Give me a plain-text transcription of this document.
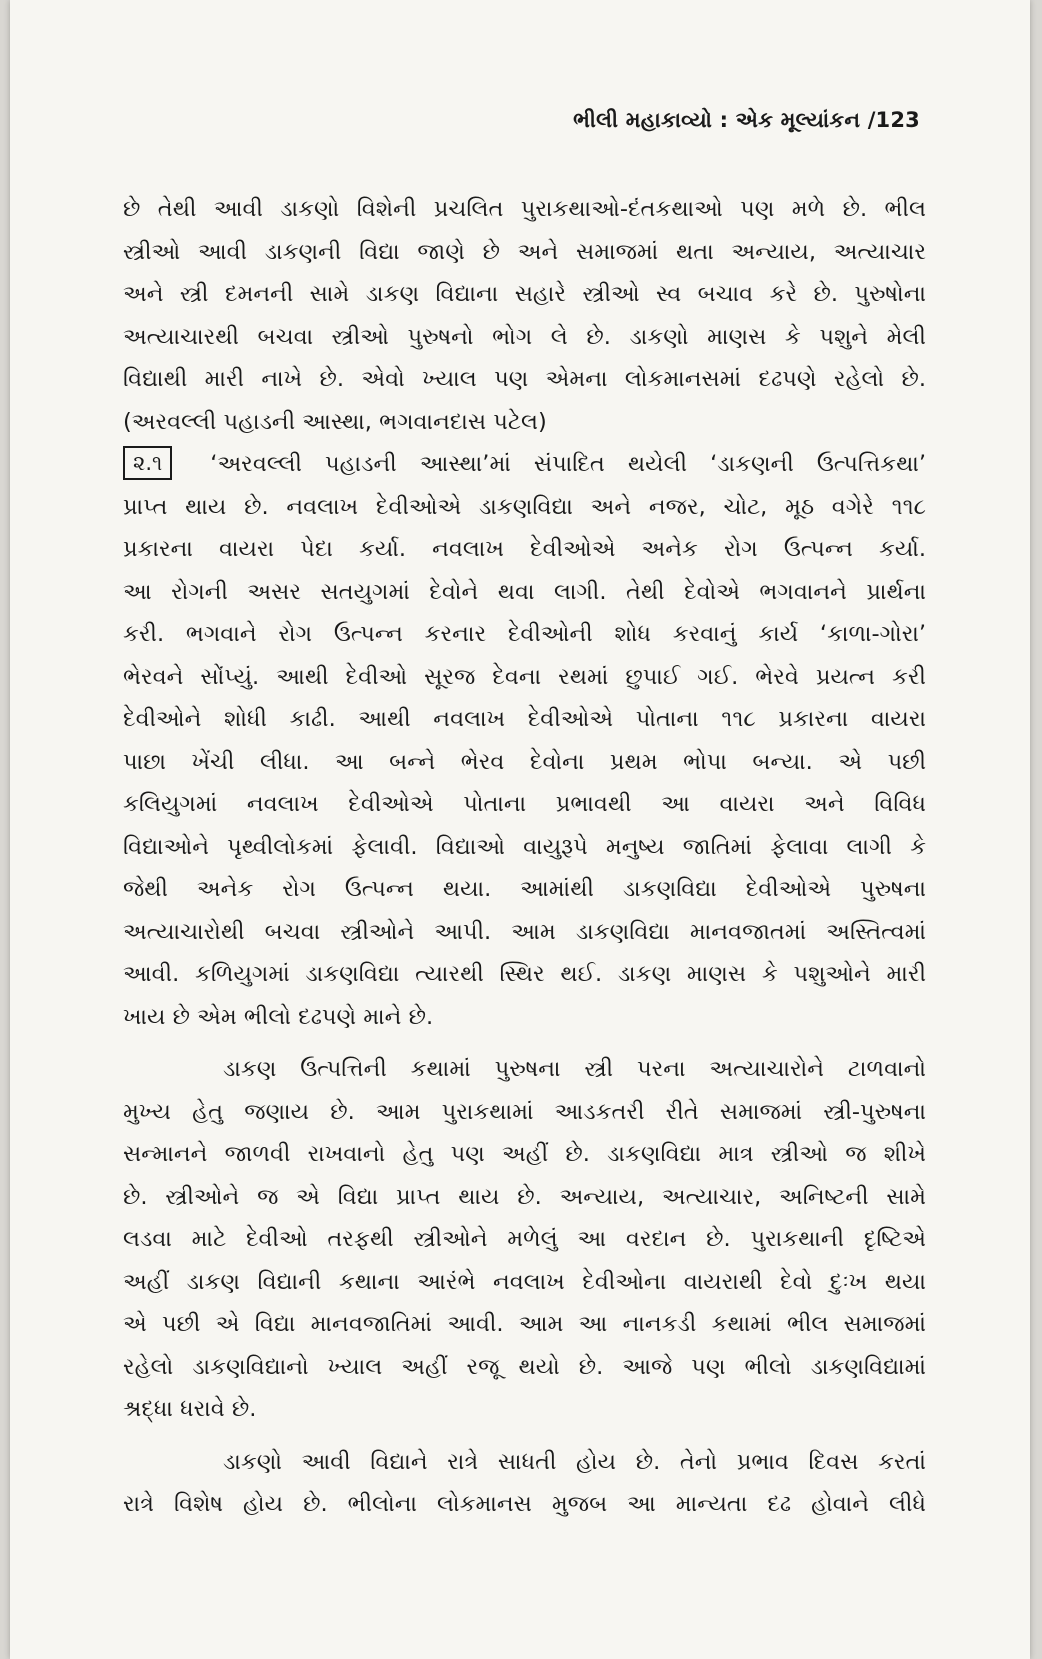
ભીલી મહાકાવ્યો : એક મૂલ્યાંકન /123
છે તેથી આવી ડાકણો વિશેની પ્રચલિત પુરાકથાઓ-દંતકથાઓ પણ મળે છે. ભીલ
સ્ત્રીઓ આવી ડાકણની વિદ્યા જાણે છે અને સમાજમાં થતા અન્યાય, અત્યાચાર
અને સ્ત્રી દમનની સામે ડાકણ વિદ્યાના સહારે સ્ત્રીઓ સ્વ બચાવ કરે છે. પુરુષોના
અત્યાચારથી બચવા સ્ત્રીઓ પુરુષનો ભોગ લે છે. ડાકણો માણસ કે પશુને મેલી
વિદ્યાથી મારી નાખે છે. એવો ખ્યાલ પણ એમના લોકમાનસમાં દઢપણે રહેલો છે.
(અરવલ્લી પહાડની આસ્થા, ભગવાનદાસ પટેલ)
૨.૧ ‘અરવલ્લી પહાડની આસ્થા’માં સંપાદિત થયેલી ‘ડાકણની ઉત્પત્તિકથા’
પ્રાપ્ત થાય છે. નવલાખ દેવીઓએ ડાકણવિદ્યા અને નજર, ચોટ, મૂઠ વગેરે ૧૧૮
પ્રકારના વાયરા પેદા કર્યા. નવલાખ દેવીઓએ અનેક રોગ ઉત્પન્ન કર્યા.
આ રોગની અસર સતયુગમાં દેવોને થવા લાગી. તેથી દેવોએ ભગવાનને પ્રાર્થના
કરી. ભગવાને રોગ ઉત્પન્ન કરનાર દેવીઓની શોધ કરવાનું કાર્ય ‘કાળા-ગોરા’
ભેરવને સોંપ્યું. આથી દેવીઓ સૂરજ દેવના રથમાં છુપાઈ ગઈ. ભેરવે પ્રયત્ન કરી
દેવીઓને શોધી કાઢી. આથી નવલાખ દેવીઓએ પોતાના ૧૧૮ પ્રકારના વાયરા
પાછા ખેંચી લીધા. આ બન્ને ભેરવ દેવોના પ્રથમ ભોપા બન્યા. એ પછી
કલિયુગમાં નવલાખ દેવીઓએ પોતાના પ્રભાવથી આ વાયરા અને વિવિધ
વિદ્યાઓને પૃથ્વીલોકમાં ફેલાવી. વિદ્યાઓ વાયુરૂપે મનુષ્ય જાતિમાં ફેલાવા લાગી કે
જેથી અનેક રોગ ઉત્પન્ન થયા. આમાંથી ડાકણવિદ્યા દેવીઓએ પુરુષના
અત્યાચારોથી બચવા સ્ત્રીઓને આપી. આમ ડાકણવિદ્યા માનવજાતમાં અસ્તિત્વમાં
આવી. કળિયુગમાં ડાકણવિદ્યા ત્યારથી સ્થિર થઈ. ડાકણ માણસ કે પશુઓને મારી
ખાય છે એમ ભીલો દઢપણે માને છે.
ડાકણ ઉત્પત્તિની કથામાં પુરુષના સ્ત્રી પરના અત્યાચારોને ટાળવાનો
મુખ્ય હેતુ જણાય છે. આમ પુરાકથામાં આડકતરી રીતે સમાજમાં સ્ત્રી-પુરુષના
સન્માનને જાળવી રાખવાનો હેતુ પણ અહીં છે. ડાકણવિદ્યા માત્ર સ્ત્રીઓ જ શીખે
છે. સ્ત્રીઓને જ એ વિદ્યા પ્રાપ્ત થાય છે. અન્યાય, અત્યાચાર, અનિષ્ટની સામે
લડવા માટે દેવીઓ તરફથી સ્ત્રીઓને મળેલું આ વરદાન છે. પુરાકથાની દૃષ્ટિએ
અહીં ડાકણ વિદ્યાની કથાના આરંભે નવલાખ દેવીઓના વાયરાથી દેવો દુઃખ થયા
એ પછી એ વિદ્યા માનવજાતિમાં આવી. આમ આ નાનકડી કથામાં ભીલ સમાજમાં
રહેલો ડાકણવિદ્યાનો ખ્યાલ અહીં રજૂ થયો છે. આજે પણ ભીલો ડાકણવિદ્યામાં
શ્રદ્ધા ધરાવે છે.
ડાકણો આવી વિદ્યાને રાત્રે સાધતી હોય છે. તેનો પ્રભાવ દિવસ કરતાં
રાત્રે વિશેષ હોય છે. ભીલોના લોકમાનસ મુજબ આ માન્યતા દઢ હોવાને લીધે
